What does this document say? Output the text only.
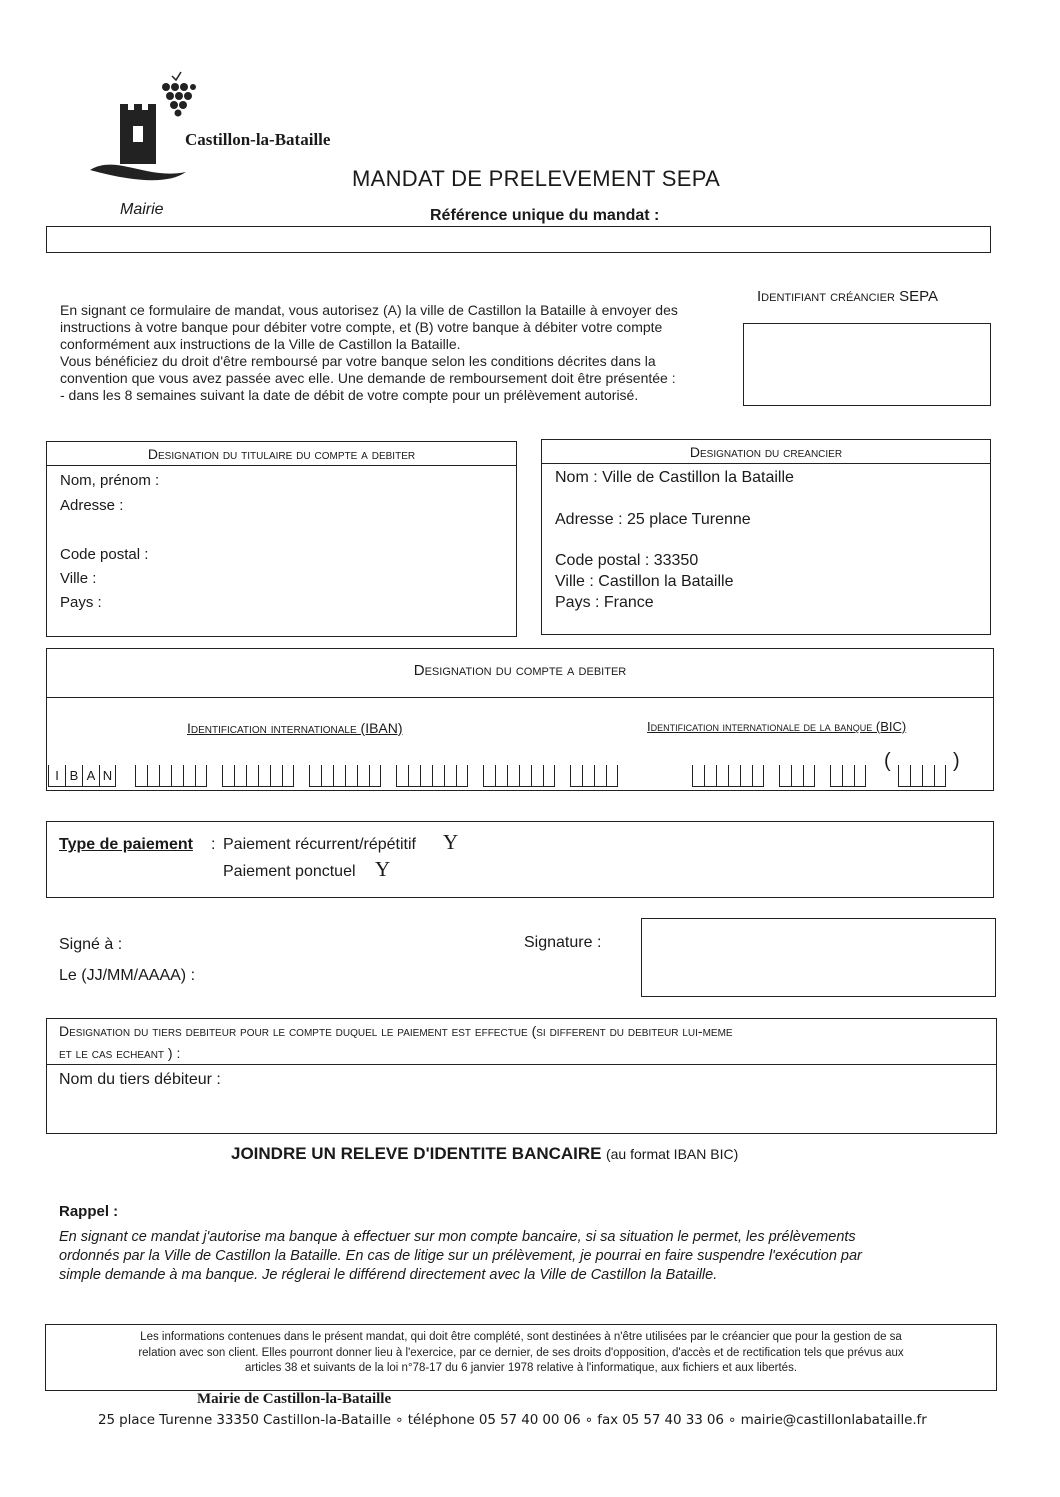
Castillon-la-Bataille
Mairie
MANDAT DE PRELEVEMENT SEPA
Référence unique du mandat :
En signant ce formulaire de mandat, vous autorisez (A) la ville de Castillon la Bataille à envoyer des
instructions à votre banque pour débiter votre compte, et (B) votre banque à débiter votre compte
conformément aux instructions de la Ville de Castillon la Bataille.
Vous bénéficiez du droit d'être remboursé par votre banque selon les conditions décrites dans la
convention que vous avez passée avec elle. Une demande de remboursement doit être présentée :
- dans les 8 semaines suivant la date de débit de votre compte pour un prélèvement autorisé.
Identifiant créancier SEPA
Designation du titulaire du compte a debiter
Nom, prénom :
Adresse :
Code postal :
Ville :
Pays :
Designation du creancier
Nom : Ville de Castillon la Bataille
Adresse : 25 place Turenne
Code postal : 33350
Ville : Castillon la Bataille
Pays : France
Designation du compte a debiter
Identification internationale (IBAN)	Identification internationale de la banque (BIC)
I B A N
(	)
Type de paiement : Paiement récurrent/répétitif Y
Paiement ponctuel Y
Signé à :
Le (JJ/MM/AAAA) :
Signature :
Designation du tiers debiteur pour le compte duquel le paiement est effectue (si different du debiteur lui-meme
et le cas echeant ) :
Nom du tiers débiteur :
JOINDRE UN RELEVE D'IDENTITE BANCAIRE (au format IBAN BIC)
Rappel :
En signant ce mandat j'autorise ma banque à effectuer sur mon compte bancaire, si sa situation le permet, les prélèvements
ordonnés par la Ville de Castillon la Bataille. En cas de litige sur un prélèvement, je pourrai en faire suspendre l'exécution par
simple demande à ma banque. Je réglerai le différend directement avec la Ville de Castillon la Bataille.
Les informations contenues dans le présent mandat, qui doit être complété, sont destinées à n'être utilisées par le créancier que pour la gestion de sa
relation avec son client. Elles pourront donner lieu à l'exercice, par ce dernier, de ses droits d'opposition, d'accès et de rectification tels que prévus aux
articles 38 et suivants de la loi n°78-17 du 6 janvier 1978 relative à l'informatique, aux fichiers et aux libertés.
Mairie de Castillon-la-Bataille
25 place Turenne 33350 Castillon-la-Bataille ∘ téléphone 05 57 40 00 06 ∘ fax 05 57 40 33 06 ∘ mairie@castillonlabataille.fr
